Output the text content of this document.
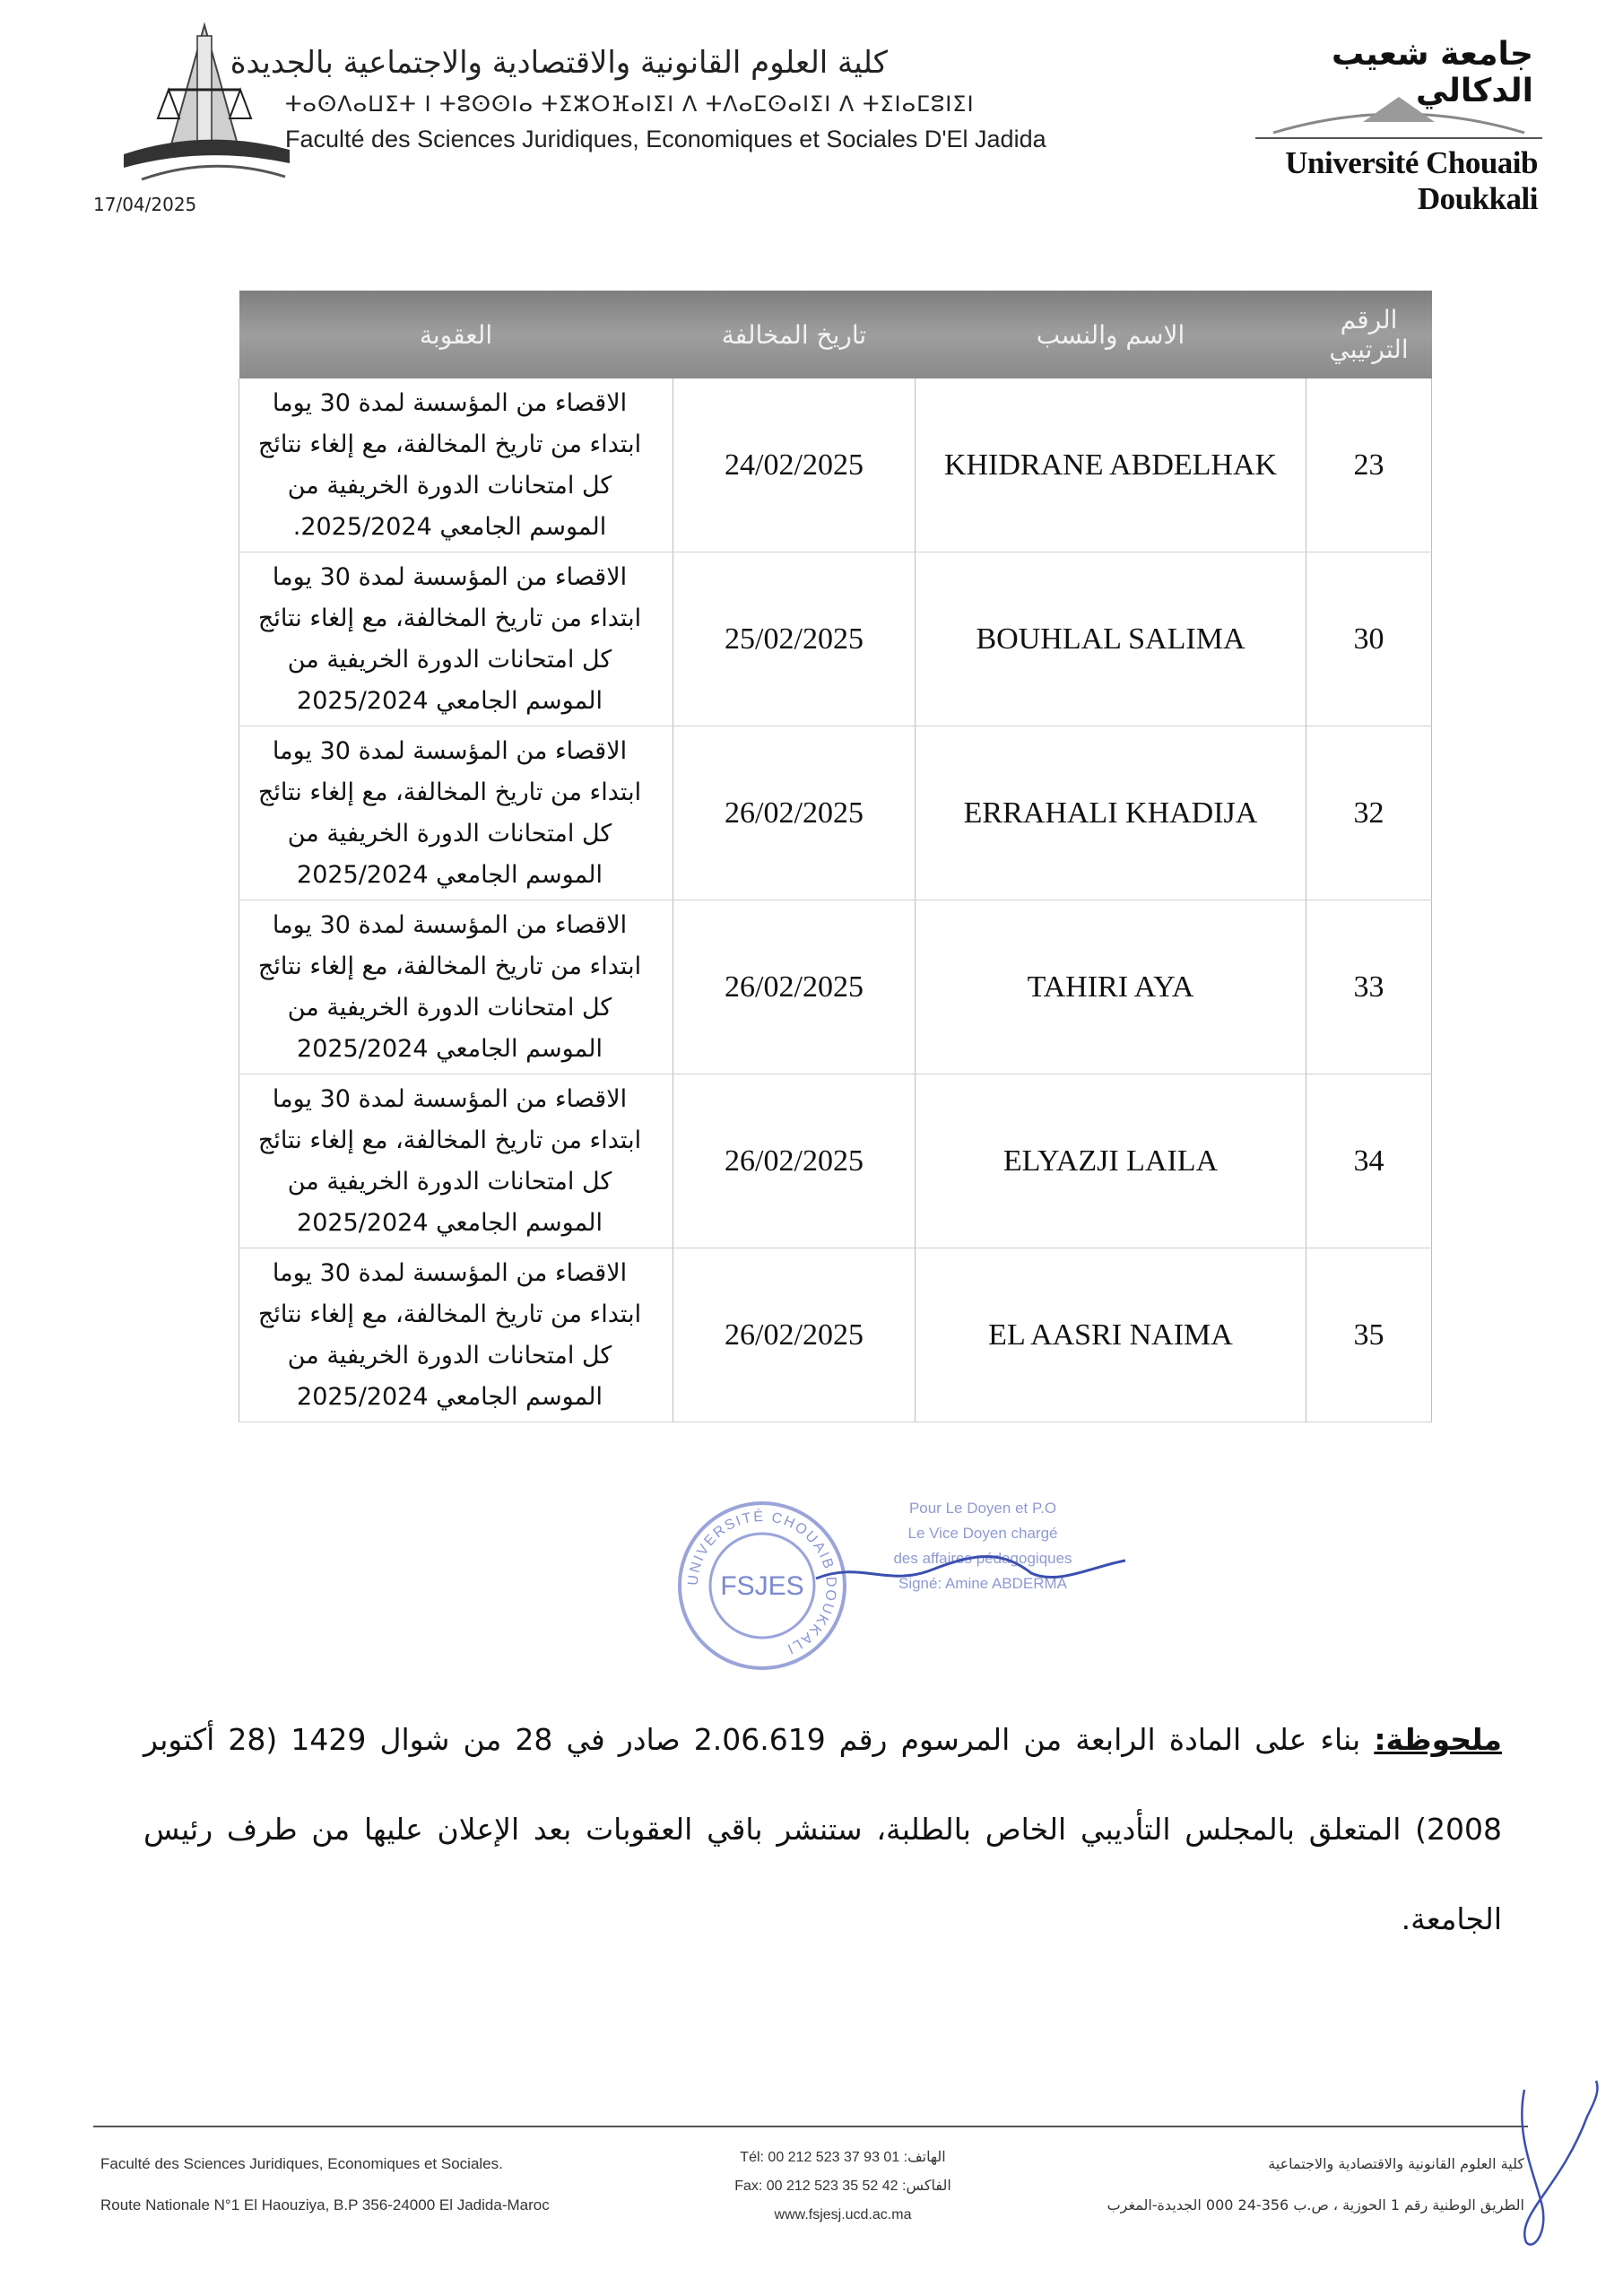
كلية العلوم القانونية والاقتصادية والاجتماعية بالجديدة
ⵜⴰⵙⴷⴰⵡⵉⵜ ⵏ ⵜⵓⵙⵙⵏⴰ ⵜⵉⵣⵔⴼⴰⵏⵉⵏ ⴷ ⵜⴷⴰⵎⵙⴰⵏⵉⵏ ⴷ ⵜⵉⵏⴰⵎⵓⵏⵉⵏ
Faculté des Sciences Juridiques, Economiques et Sociales D'El Jadida
17/04/2025
جامعة شعيب الدكالي
Université Chouaib Doukkali
العقوبة	تاريخ المخالفة	الاسم والنسب	الرقم الترتيبي

الاقصاء من المؤسسة لمدة 30 يوما ابتداء من تاريخ المخالفة، مع إلغاء نتائج كل امتحانات الدورة الخريفية من الموسم الجامعي 2025/2024.	24/02/2025	KHIDRANE ABDELHAK	23

الاقصاء من المؤسسة لمدة 30 يوما ابتداء من تاريخ المخالفة، مع إلغاء نتائج كل امتحانات الدورة الخريفية من الموسم الجامعي 2025/2024	25/02/2025	BOUHLAL SALIMA	30

الاقصاء من المؤسسة لمدة 30 يوما ابتداء من تاريخ المخالفة، مع إلغاء نتائج كل امتحانات الدورة الخريفية من الموسم الجامعي 2025/2024	26/02/2025	ERRAHALI KHADIJA	32

الاقصاء من المؤسسة لمدة 30 يوما ابتداء من تاريخ المخالفة، مع إلغاء نتائج كل امتحانات الدورة الخريفية من الموسم الجامعي 2025/2024	26/02/2025	TAHIRI AYA	33

الاقصاء من المؤسسة لمدة 30 يوما ابتداء من تاريخ المخالفة، مع إلغاء نتائج كل امتحانات الدورة الخريفية من الموسم الجامعي 2025/2024	26/02/2025	ELYAZJI LAILA	34

الاقصاء من المؤسسة لمدة 30 يوما ابتداء من تاريخ المخالفة، مع إلغاء نتائج كل امتحانات الدورة الخريفية من الموسم الجامعي 2025/2024	26/02/2025	EL AASRI NAIMA	35
UNIVERSITÉ CHOUAIB DOUKKALI
FSJES
Pour Le Doyen et P.O
Le Vice Doyen chargé
des affaires pédagogiques
Signé: Amine ABDERMA
ملحوظة: بناء على المادة الرابعة من المرسوم رقم 2.06.619 صادر في 28 من شوال 1429 (28 أكتوبر 2008) المتعلق بالمجلس التأديبي الخاص بالطلبة، ستنشر باقي العقوبات بعد الإعلان عليها من طرف رئيس الجامعة.
Faculté des Sciences Juridiques, Economiques et Sociales.
Route Nationale N°1 El Haouziya, B.P 356-24000 El Jadida-Maroc
Tél: 00 212 523 37 93 01 :الهاتف
Fax: 00 212 523 35 52 42 :الفاكس
www.fsjesj.ucd.ac.ma
كلية العلوم القانونية والاقتصادية والاجتماعية
الطريق الوطنية رقم 1 الحوزية ، ص.ب 356-24 000 الجديدة-المغرب
